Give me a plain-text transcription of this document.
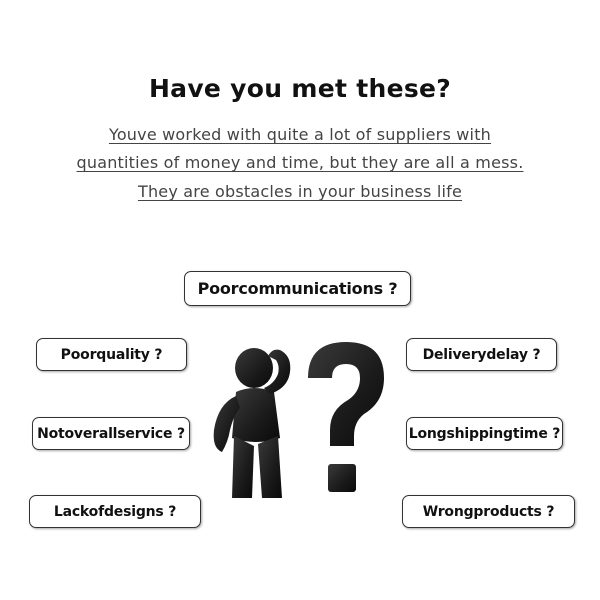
Have you met these?
Youve worked with quite a lot of suppliers with
quantities of money and time, but they are all a mess.
They are obstacles in your business life
Poorcommunications ?
Poorquality ?
Notoverallservice ?
Lackofdesigns ?
Deliverydelay ?
Longshippingtime ?
Wrongproducts ?
